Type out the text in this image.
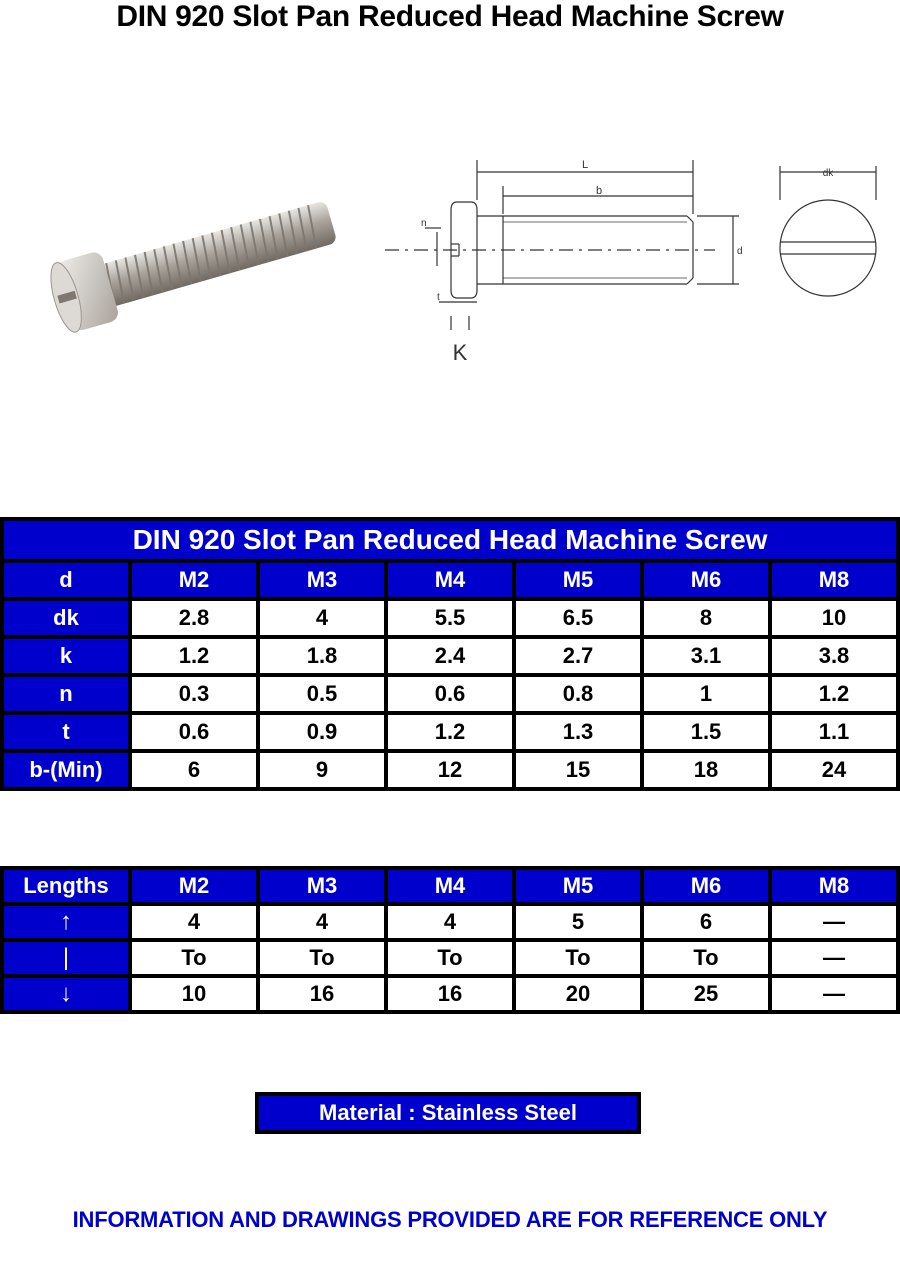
DIN 920 Slot Pan Reduced Head Machine Screw
L
b
n
d
t
K
dk
DIN 920 Slot Pan Reduced Head Machine Screw						
d	M2	M3	M4	M5	M6	M8
dk	2.8	4	5.5	6.5	8	10
k	1.2	1.8	2.4	2.7	3.1	3.8
n	0.3	0.5	0.6	0.8	1	1.2
t	0.6	0.9	1.2	1.3	1.5	1.1
b-(Min)	6	9	12	15	18	24
Lengths	M2	M3	M4	M5	M6	M8
↑	4	4	4	5	6	—
|	To	To	To	To	To	—
↓	10	16	16	20	25	—
Material : Stainless Steel
INFORMATION AND DRAWINGS PROVIDED ARE FOR REFERENCE ONLY
